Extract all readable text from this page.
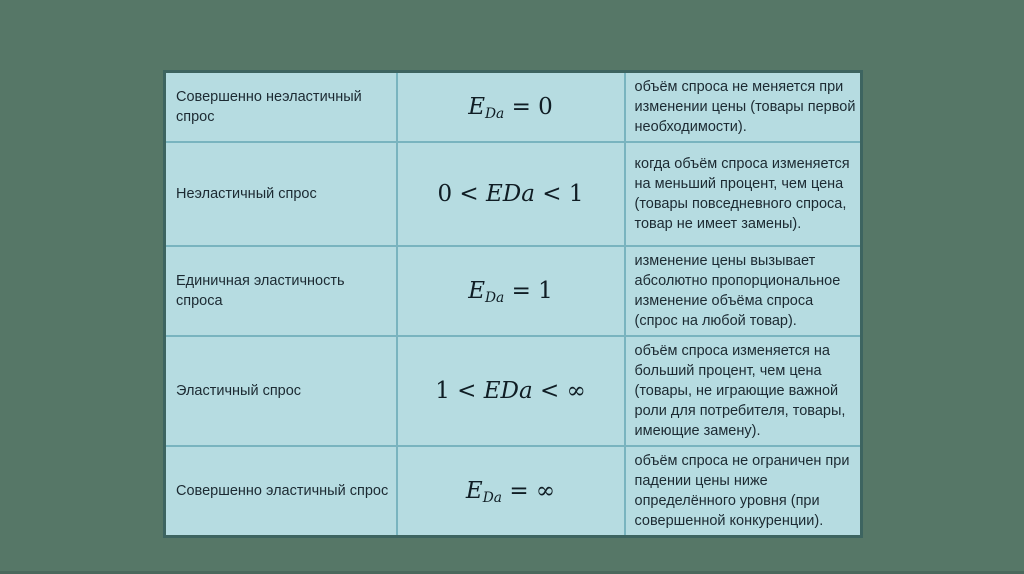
Совершенно неэластичный спрос	$E_{Da} = 0$	объём спроса не меняется при изменении цены (товары первой необходимости).
Неэластичный спрос	0 < EDa < 1	когда объём спроса изменяется на меньший процент, чем цена (товары повседневного спроса, товар не имеет замены).
Единичная эластичность спроса	$E_{Da} = 1$	изменение цены вызывает абсолютно пропорциональное изменение объёма спроса (спрос на любой товар).
Эластичный спрос	1 < EDa < ∞	объём спроса изменяется на больший процент, чем цена (товары, не играющие важной роли для потребителя, товары, имеющие замену).
Совершенно эластичный спрос	$E_{Da}$ = ∞	объём спроса не ограничен при падении цены ниже определённого уровня (при совершенной конкуренции).
